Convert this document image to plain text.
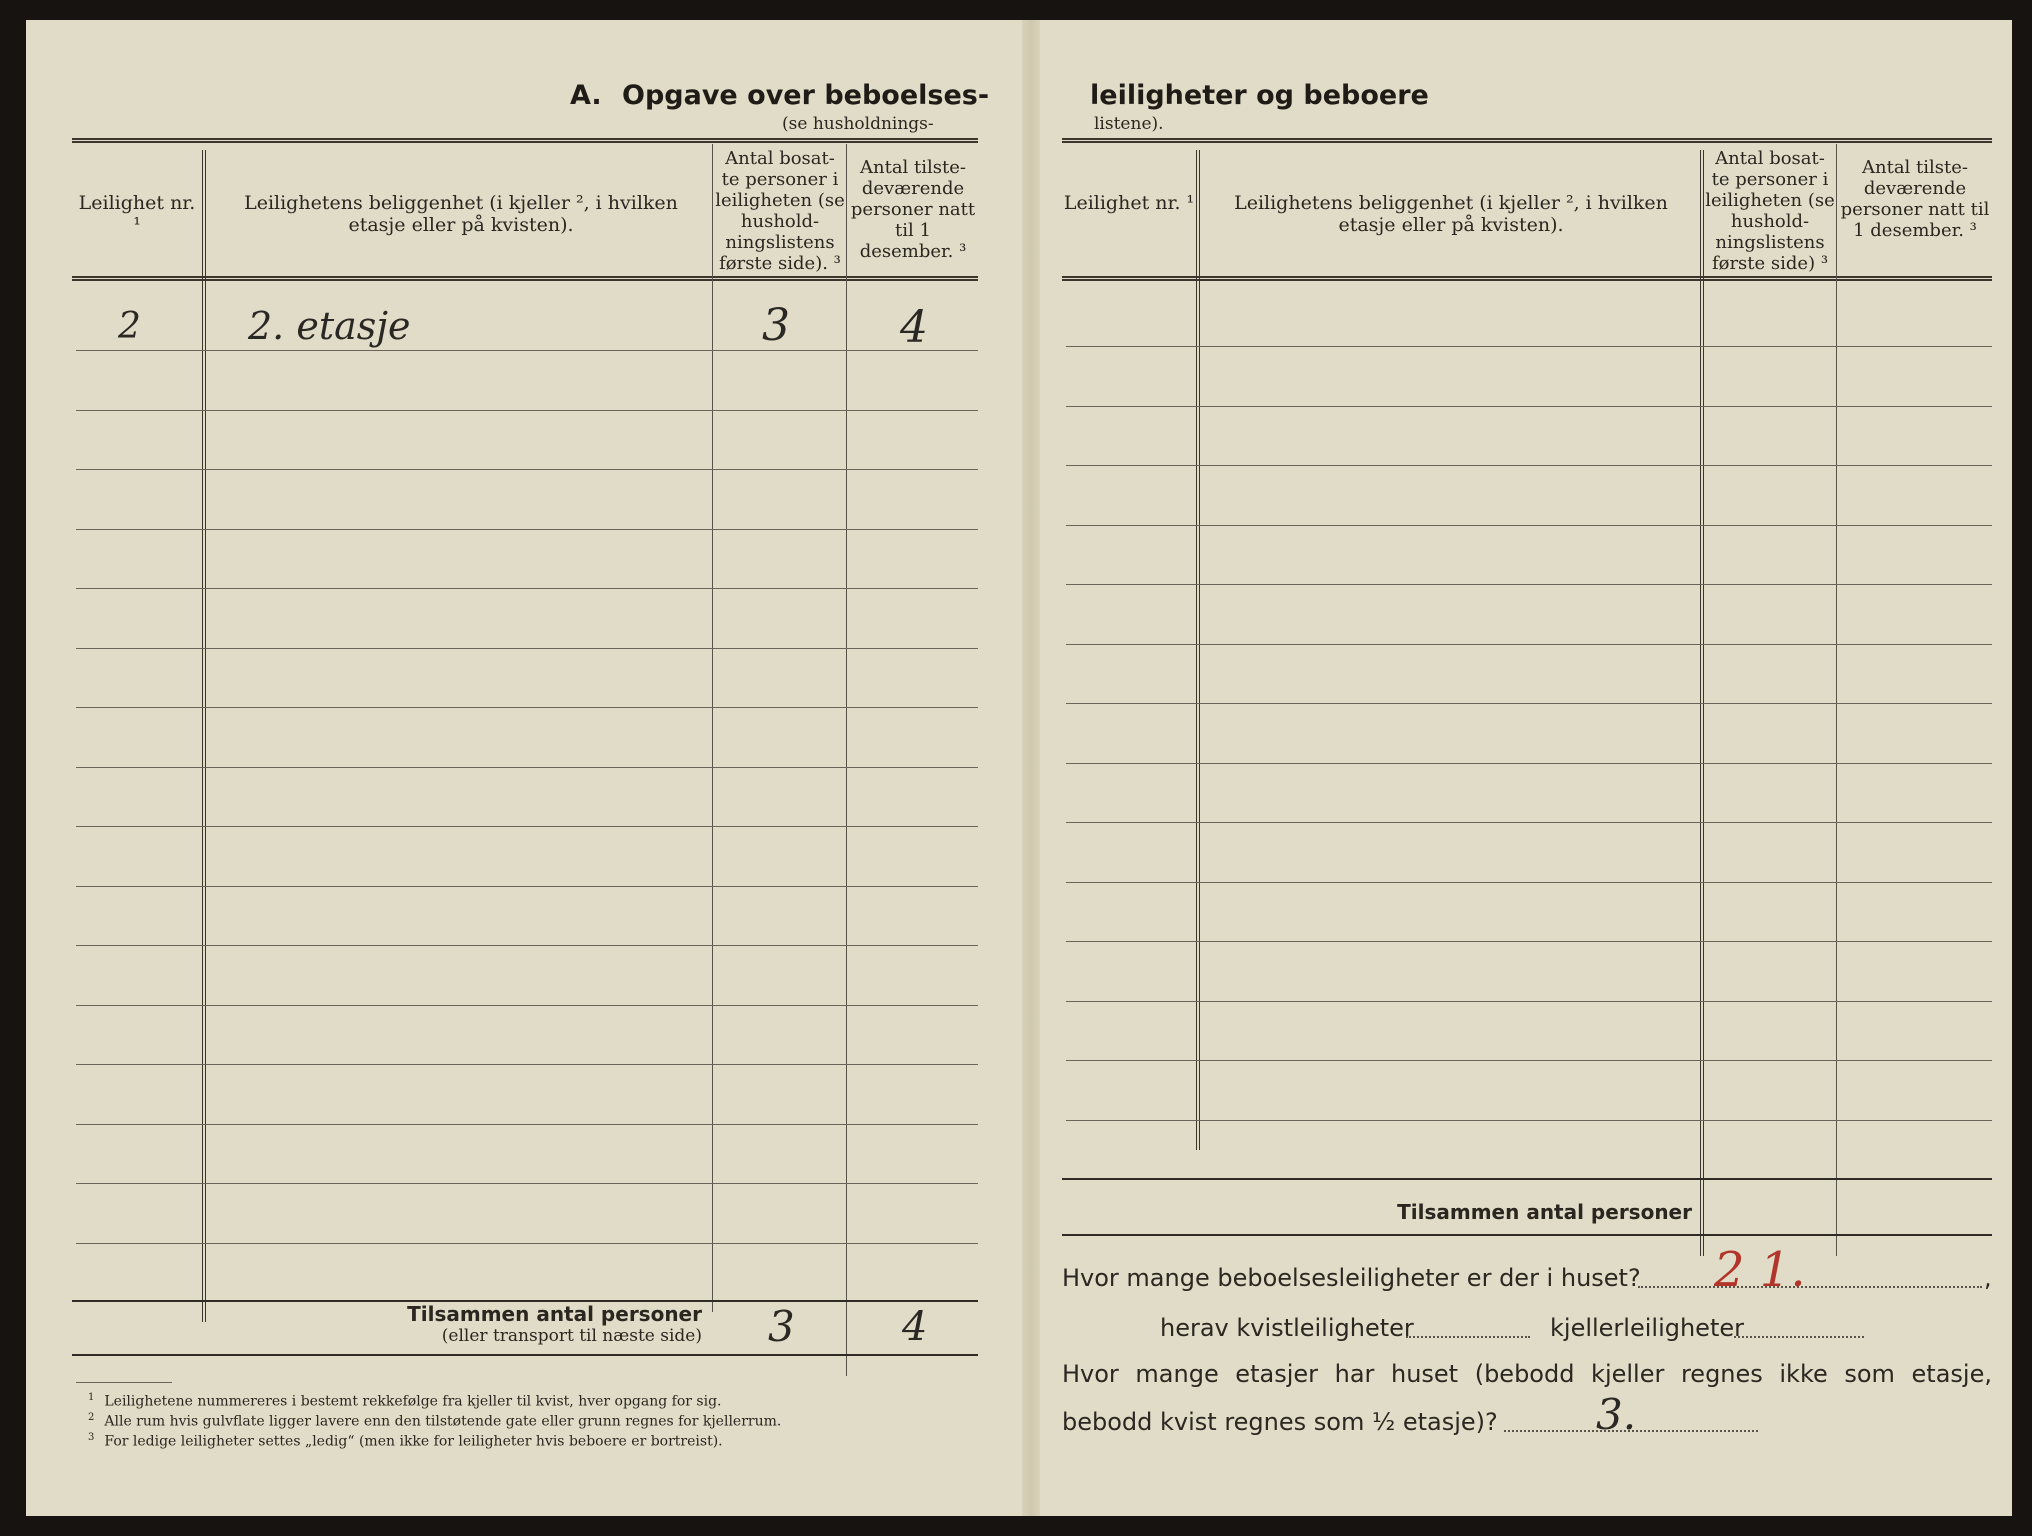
A. Opgave over beboelses-
(se husholdnings-
Leilighet nr. ¹
Leilighetens beliggenhet (i kjeller ², i hvilken etasje eller på kvisten).
Antal bosat- te personer i leiligheten (se hushold- ningslistens første side). ³
Antal tilste- deværende personer natt til 1 desember. ³
2	2. etasje	3	4
Tilsammen antal personer
(eller transport til næste side) 3	4
$^1$ Leilighetene nummereres i bestemt rekkefølge fra kjeller til kvist, hver opgang for sig.
$^2$ Alle rum hvis gulvflate ligger lavere enn den tilstøtende gate eller grunn regnes for kjellerrum.
$^3$ For ledige leiligheter settes „ledig“ (men ikke for leiligheter hvis beboere er bortreist).
leiligheter og beboere
listene).
Leilighet nr. ¹	Leilighetens beliggenhet (i kjeller ², i hvilken etasje eller på kvisten).
Antal bosat- te personer i leiligheten (se hushold- ningslistens første side) ³
Antal tilste- deværende personer natt til 1 desember. ³
Tilsammen antal personer
Hvor mange beboelsesleiligheter er der i huset? 2 1.	,
herav kvistleiligheter	kjellerleiligheter
Hvor mange etasjer har huset (bebodd kjeller regnes ikke som etasje,
bebodd kvist regnes som ½ etasje)? 3.
